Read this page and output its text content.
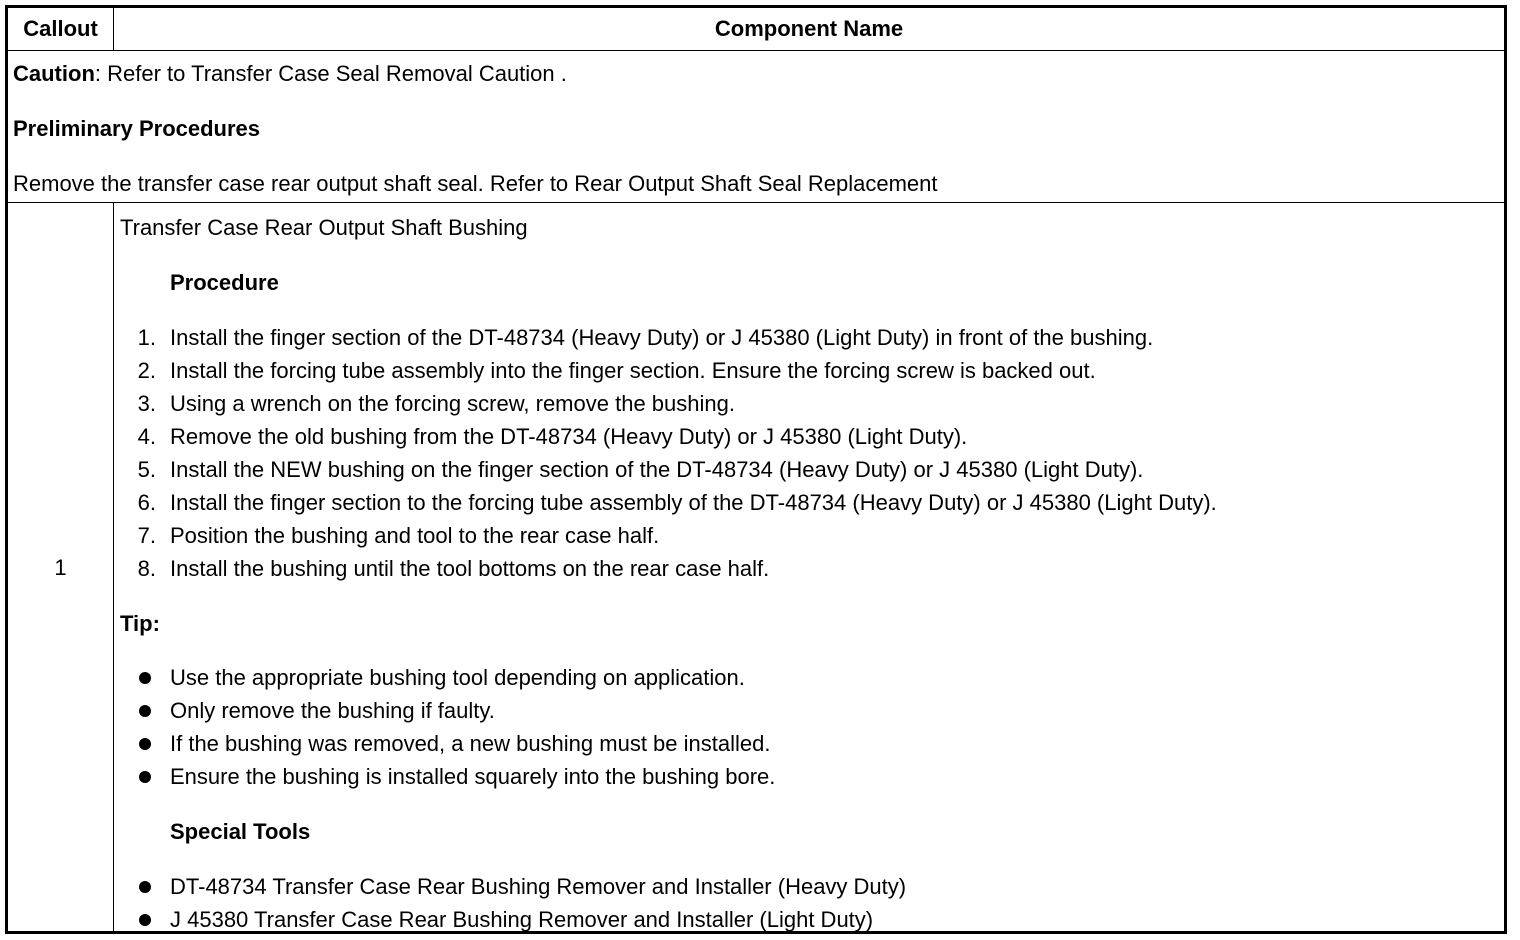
Callout	Component Name
Caution: Refer to Transfer Case Seal Removal Caution .
Preliminary Procedures
Remove the transfer case rear output shaft seal. Refer to Rear Output Shaft Seal Replacement
1
Transfer Case Rear Output Shaft Bushing
Procedure
1. Install the finger section of the DT-48734 (Heavy Duty) or J 45380 (Light Duty) in front of the bushing.
2. Install the forcing tube assembly into the finger section. Ensure the forcing screw is backed out.
3. Using a wrench on the forcing screw, remove the bushing.
4. Remove the old bushing from the DT-48734 (Heavy Duty) or J 45380 (Light Duty).
5. Install the NEW bushing on the finger section of the DT-48734 (Heavy Duty) or J 45380 (Light Duty).
6. Install the finger section to the forcing tube assembly of the DT-48734 (Heavy Duty) or J 45380 (Light Duty).
7. Position the bushing and tool to the rear case half.
8. Install the bushing until the tool bottoms on the rear case half.
Tip:
Use the appropriate bushing tool depending on application.
Only remove the bushing if faulty.
If the bushing was removed, a new bushing must be installed.
Ensure the bushing is installed squarely into the bushing bore.
Special Tools
DT-48734 Transfer Case Rear Bushing Remover and Installer (Heavy Duty)
J 45380 Transfer Case Rear Bushing Remover and Installer (Light Duty)
